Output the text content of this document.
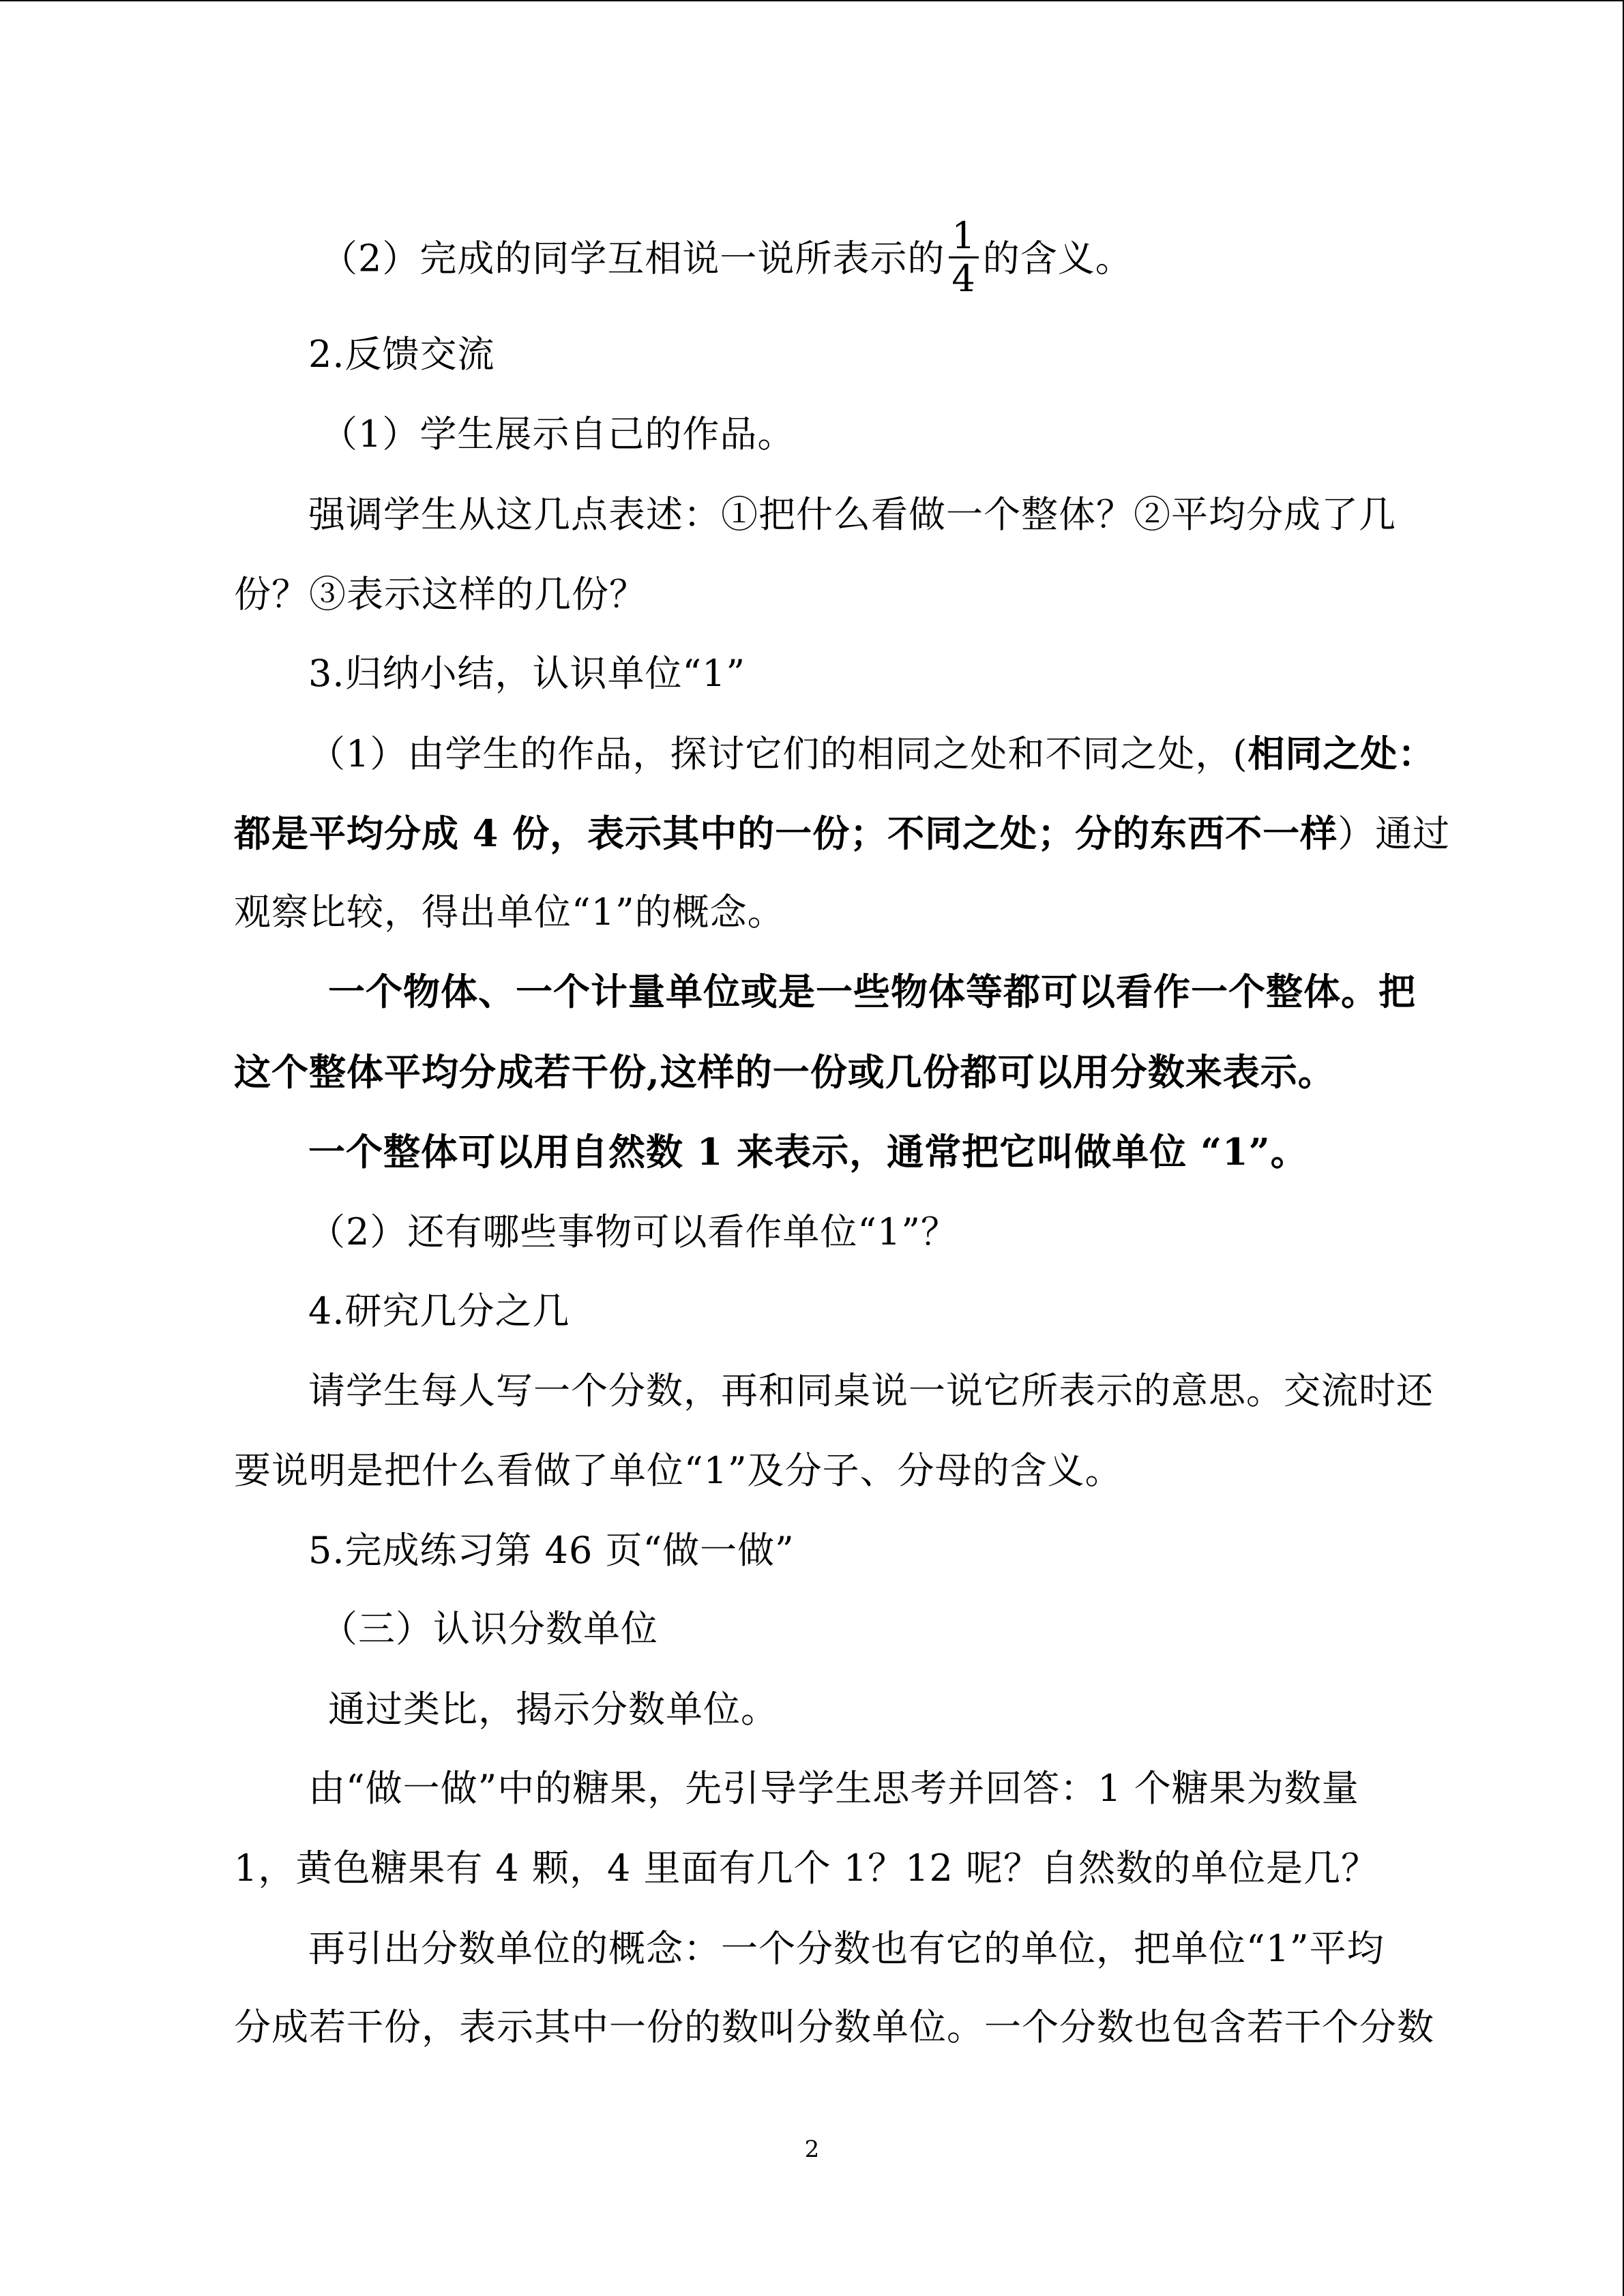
（2）完成的同学互相说一说所表示的 $\frac{1}{4}$ 的含义。
2.反馈交流
（1）学生展示自己的作品。
强调学生从这几点表述：①把什么看做一个整体？②平均分成了几
份？③表示这样的几份？
3.归纳小结，认识单位“1”
（1）由学生的作品，探讨它们的相同之处和不同之处，(相同之处：
都是平均分成 4 份，表示其中的一份；不同之处；分的东西不一样）通过
观察比较，得出单位“1”的概念。
一个物体、一个计量单位或是一些物体等都可以看作一个整体。把
这个整体平均分成若干份,这样的一份或几份都可以用分数来表示。
一个整体可以用自然数 1 来表示，通常把它叫做单位 “1”。
（2）还有哪些事物可以看作单位“1”？
4.研究几分之几
请学生每人写一个分数，再和同桌说一说它所表示的意思。交流时还
要说明是把什么看做了单位“1”及分子、分母的含义。
5.完成练习第 46 页“做一做”
（三）认识分数单位
通过类比，揭示分数单位。
由“做一做”中的糖果，先引导学生思考并回答：1 个糖果为数量
1，黄色糖果有 4 颗，4 里面有几个 1？12 呢？自然数的单位是几？
再引出分数单位的概念：一个分数也有它的单位，把单位“1”平均
分成若干份，表示其中一份的数叫分数单位。一个分数也包含若干个分数
2
